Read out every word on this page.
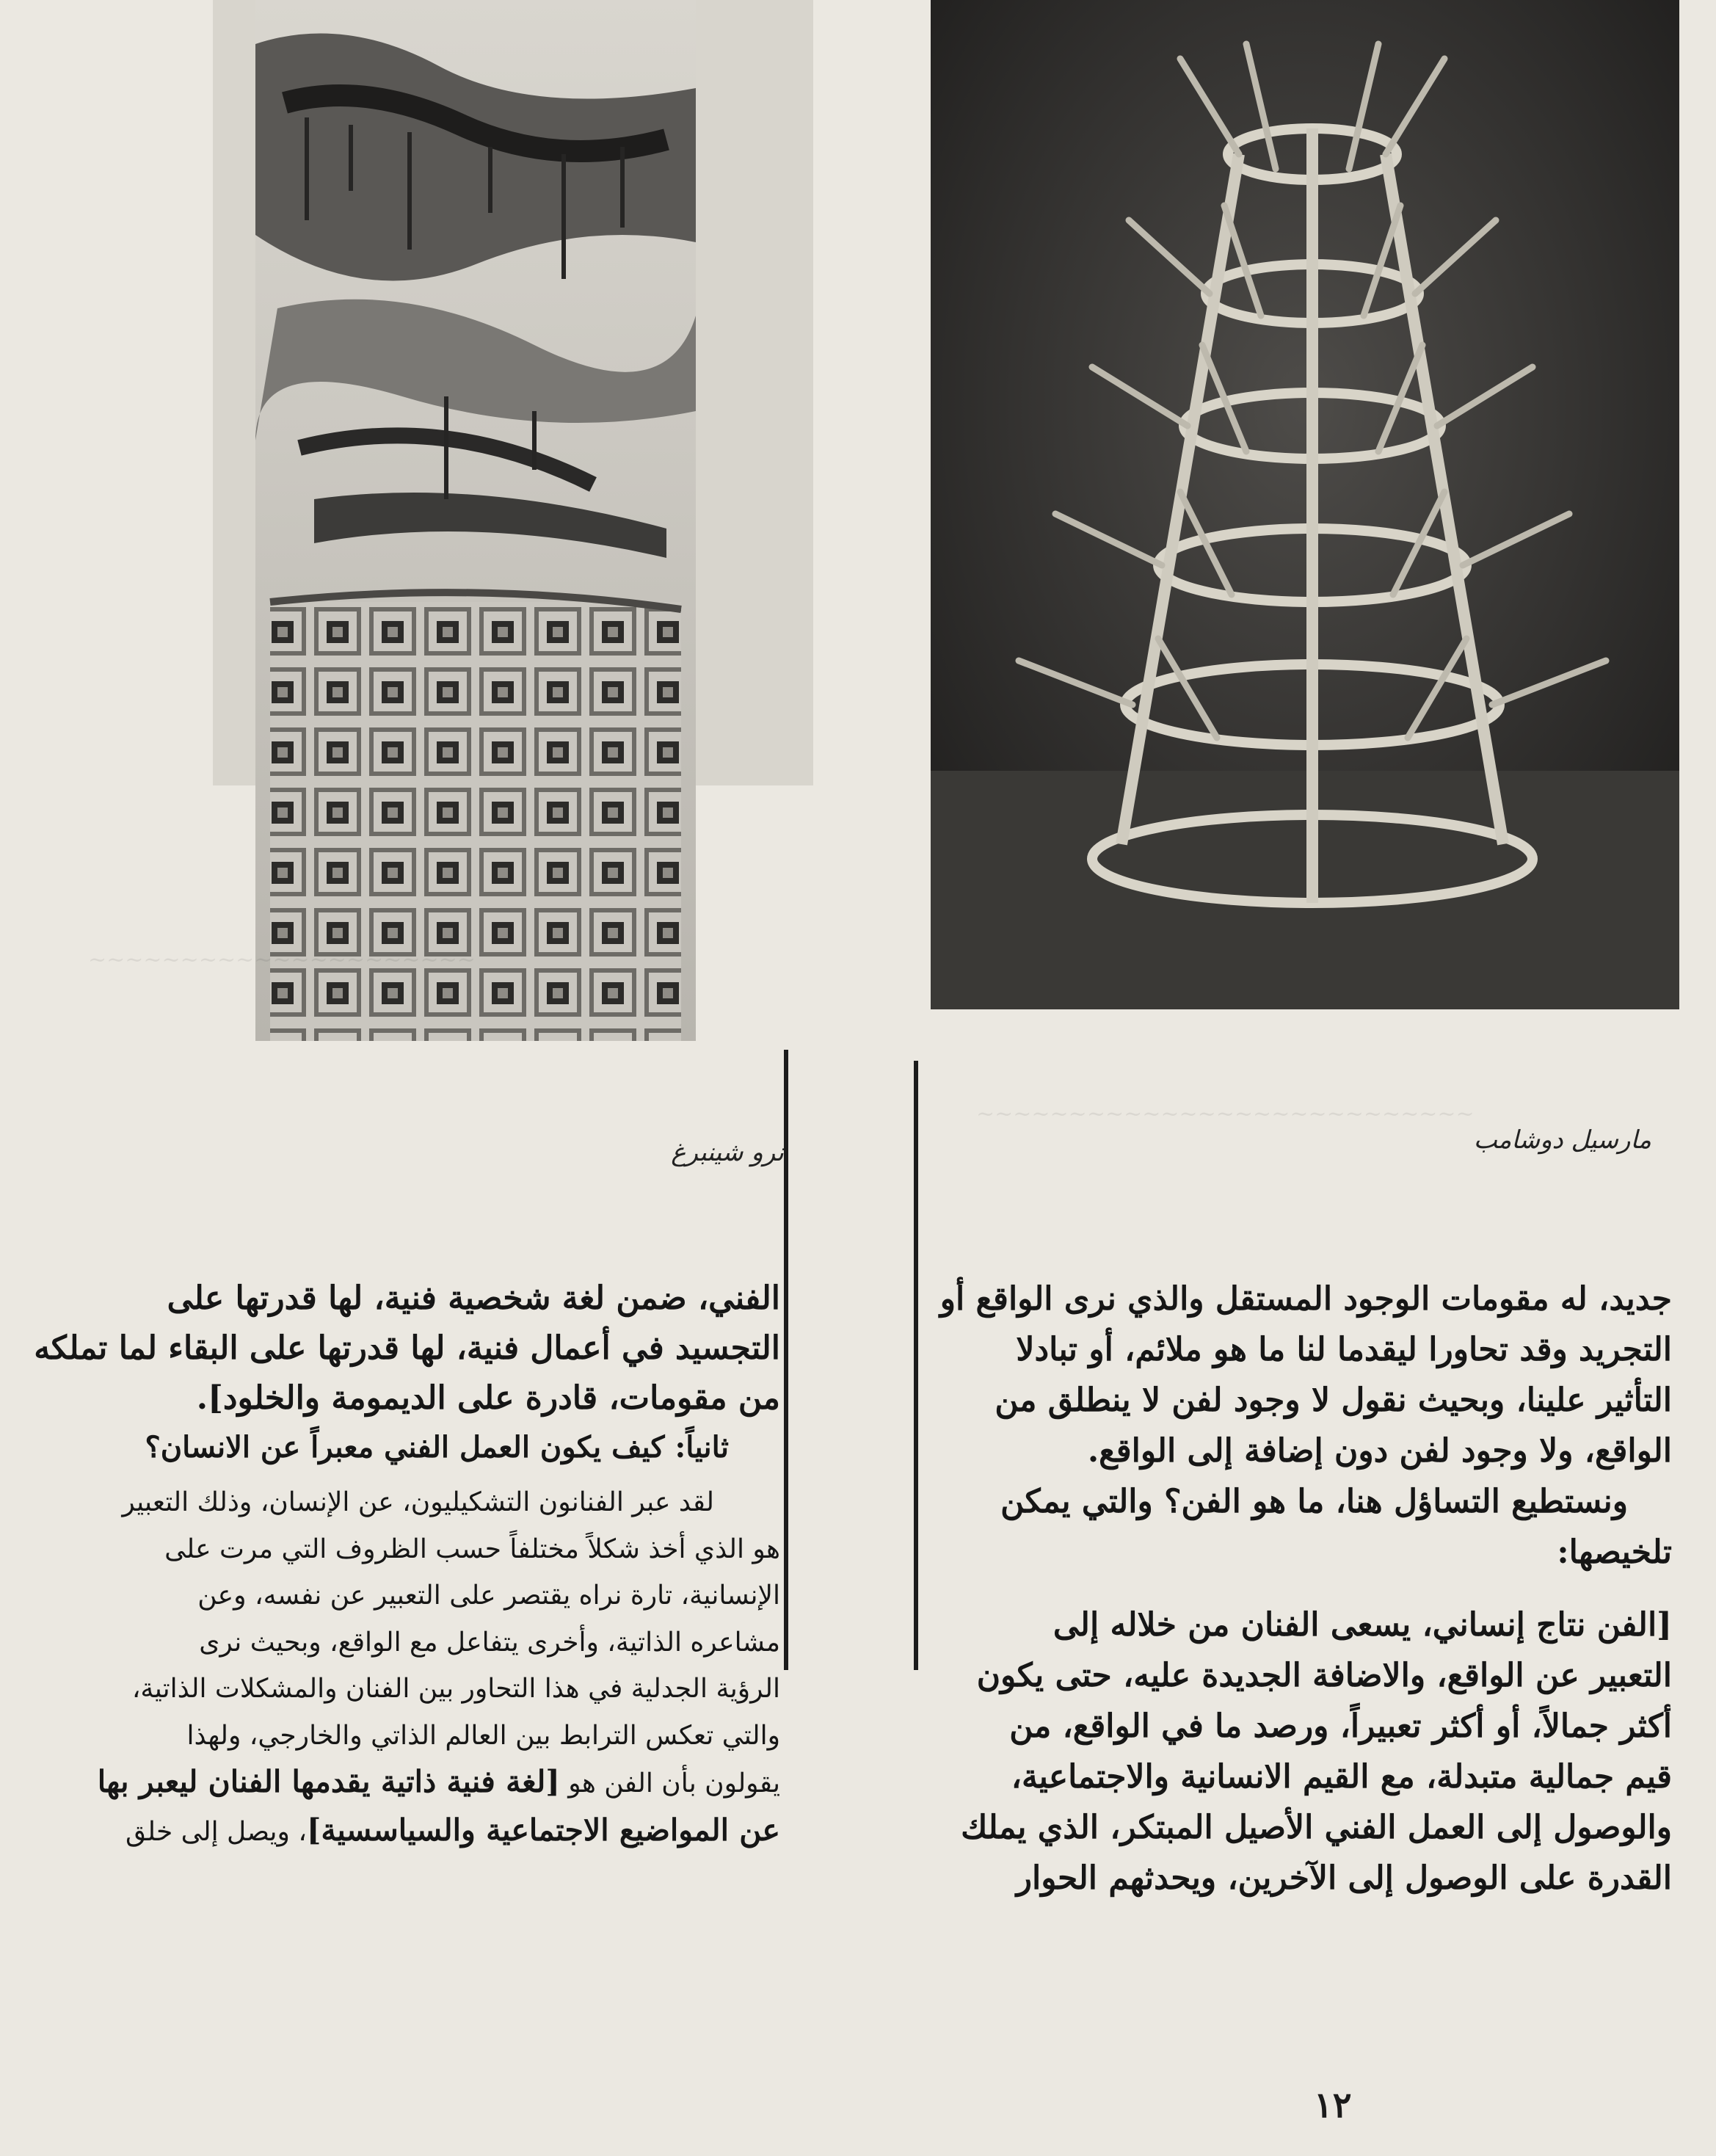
~~~~~~~~~~~~~~~~~~~~~
~~~~~~~~~~~~~~~~~~~~~~~~~~~
نرو شينبرغ	مارسيل دوشامب

جديد، له مقومات الوجود المستقل والذي نرى الواقع أو
التجريد وقد تحاورا ليقدما لنا ما هو ملائم، أو تبادلا
التأثير علينا، وبحيث نقول لا وجود لفن لا ينطلق من
الواقع، ولا وجود لفن دون إضافة إلى الواقع.

ونستطيع التساؤل هنا، ما هو الفن؟ والتي يمكن
تلخيصها:

[الفن نتاج إنساني، يسعى الفنان من خلاله إلى
التعبير عن الواقع، والاضافة الجديدة عليه، حتى يكون
أكثر جمالاً، أو أكثر تعبيراً، ورصد ما في الواقع، من
قيم جمالية متبدلة، مع القيم الانسانية والاجتماعية،
والوصول إلى العمل الفني الأصيل المبتكر، الذي يملك
القدرة على الوصول إلى الآخرين، ويحدثهم الحوار

الفني، ضمن لغة شخصية فنية، لها قدرتها على
التجسيد في أعمال فنية، لها قدرتها على البقاء لما تملكه
من مقومات، قادرة على الديمومة والخلود].

ثانياً: كيف يكون العمل الفني معبراً عن الانسان؟

لقد عبر الفنانون التشكيليون، عن الإنسان، وذلك التعبير
هو الذي أخذ شكلاً مختلفاً حسب الظروف التي مرت على
الإنسانية، تارة نراه يقتصر على التعبير عن نفسه، وعن
مشاعره الذاتية، وأخرى يتفاعل مع الواقع، وبحيث نرى
الرؤية الجدلية في هذا التحاور بين الفنان والمشكلات الذاتية،
والتي تعكس الترابط بين العالم الذاتي والخارجي، ولهذا
يقولون بأن الفن هو [لغة فنية ذاتية يقدمها الفنان ليعبر بها
عن المواضيع الاجتماعية والسياسسية]، ويصل إلى خلق

١٢
